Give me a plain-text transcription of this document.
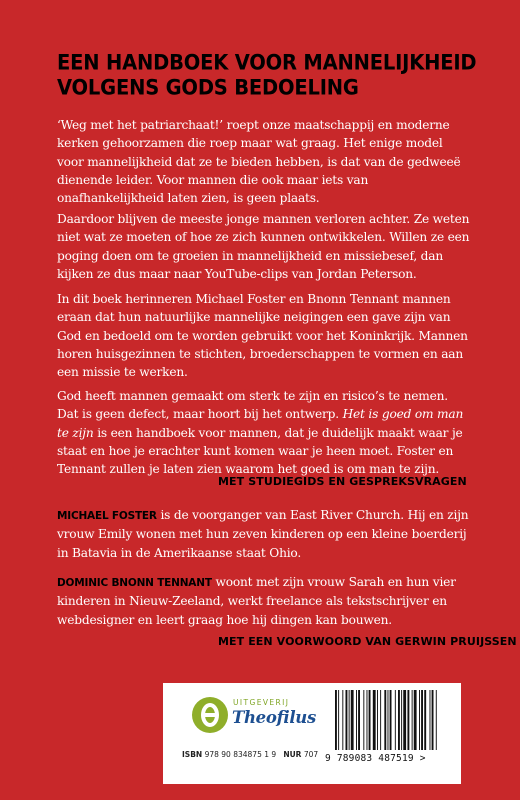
EEN HANDBOEK VOOR MANNELIJKHEID
VOLGENS GODS BEDOELING
‘Weg met het patriarchaat!’ roept onze maatschappij en moderne kerken gehoorzamen die roep maar wat graag. Het enige model voor mannelijkheid dat ze te bieden hebben, is dat van de gedweeë dienende leider. Voor mannen die ook maar iets van onafhankelijkheid laten zien, is geen plaats.
Daardoor blijven de meeste jonge mannen verloren achter. Ze weten niet wat ze moeten of hoe ze zich kunnen ontwikkelen. Willen ze een poging doen om te groeien in mannelijkheid en missiebesef, dan kijken ze dus maar naar YouTube-clips van Jordan Peterson.
In dit boek herinneren Michael Foster en Bnonn Tennant mannen eraan dat hun natuurlijke mannelijke neigingen een gave zijn van God en bedoeld om te worden gebruikt voor het Koninkrijk. Mannen horen huisgezinnen te stichten, broederschappen te vormen en aan een missie te werken.
God heeft mannen gemaakt om sterk te zijn en risico’s te nemen. Dat is geen defect, maar hoort bij het ontwerp. Het is goed om man te zijn is een handboek voor mannen, dat je duidelijk maakt waar je staat en hoe je erachter kunt komen waar je heen moet. Foster en Tennant zullen je laten zien waarom het goed is om man te zijn.
MET STUDIEGIDS EN GESPREKSVRAGEN
MICHAEL FOSTER is de voorganger van East River Church. Hij en zijn vrouw Emily wonen met hun zeven kinderen op een kleine boerderij in Batavia in de Amerikaanse staat Ohio.
DOMINIC BNONN TENNANT woont met zijn vrouw Sarah en hun vier kinderen in Nieuw-Zeeland, werkt freelance als tekstschrijver en webdesigner en leert graag hoe hij dingen kan bouwen.
MET EEN VOORWOORD VAN GERWIN PRUIJSSEN
UITGEVERIJ
Theofilus
ISBN 978 90 834875 1 9 NUR 707 9 789083 487519 >
